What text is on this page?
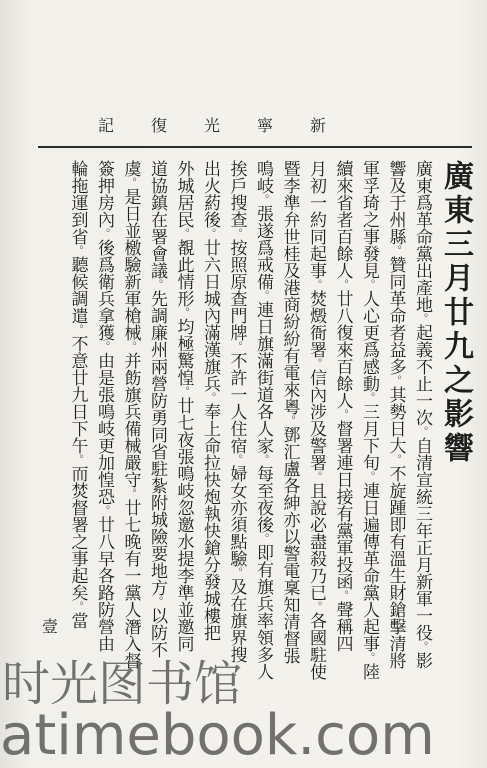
新寧光復記
廣東三月廿九之影響
廣東爲革命黨出產地。起義不止一次。自清宣統三年正月新軍一役。影
響及于州縣。贊同革命者益多。其勢日大。不旋踵即有溫生財鎗擊清將
軍孚琦之事發見。人心更爲感動。三月下旬。連日遍傳革命黨人起事。陸
續來省者百餘人。廿八復來百餘人。督署連日接有黨軍投函。聲稱四
月初一約同起事。焚燬衙署。信內涉及警署。且說必盡殺乃已。各國駐使
暨李準弁世桂及港商紛紛有電來粵。鄧汇盧各紳亦以警電稟知清督張
鳴岐。張遂爲戒備。連日旗滿街道各人家。每至夜後。即有旗兵率領多人
挨戶搜查。按照原查門牌。不許一人住宿。婦女亦須點驗。及在旗界搜
出火葯後。廿六日城內滿漢旗兵。奉上命拉快炮執快鎗分發城樓把
外城居民。覩此情形。均極驚惶。廿七夜張鳴岐忽邀水提李準並邀同
道協鎮在署會議。先調廉州兩營防勇同省駐紮附城險要地方。以防不
虞。是日並檄驗新軍槍械。并飭旗兵備械嚴守。廿七晚有一黨人潛入督
簽押房內。後爲衛兵拿獲。由是張鳴岐更加惶恐。廿八早各路防營由
輪拖運到省。聽候調遣。不意廿九日下午。而焚督署之事起矣。當
壹
时光图书馆
atimebook.com
